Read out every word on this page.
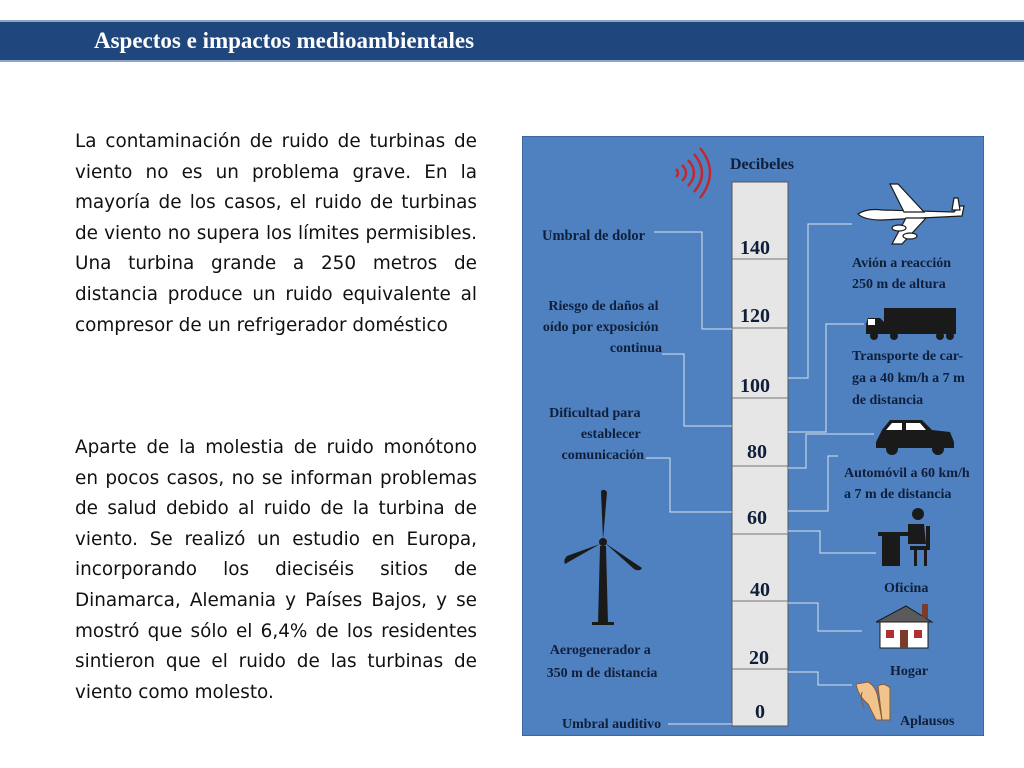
Aspectos e impactos medioambientales
La contaminación de ruido de turbinas de viento no es un problema grave. En la mayoría de los casos, el ruido de turbinas de viento no supera los límites permisibles. Una turbina grande a 250 metros de distancia produce un ruido equivalente al compresor de un refrigerador doméstico
Aparte de la molestia de ruido monótono en pocos casos, no se informan problemas de salud debido al ruido de la turbina de viento. Se realizó un estudio en Europa, incorporando los dieciséis sitios de Dinamarca, Alemania y Países Bajos, y se mostró que sólo el 6,4% de los residentes sintieron que el ruido de las turbinas de viento como molesto.
Decibeles
140
120
100
80
60
40
20
0
Umbral de dolor
Riesgo de daños al oído por exposición continua
Dificultad para establecer comunicación
Aerogenerador a 350 m de distancia
Umbral auditivo
Avión a reacción 250 m de altura
Transporte de car- ga a 40 km/h a 7 m de distancia
Automóvil a 60 km/h a 7 m de distancia
Oficina
Hogar
Aplausos
